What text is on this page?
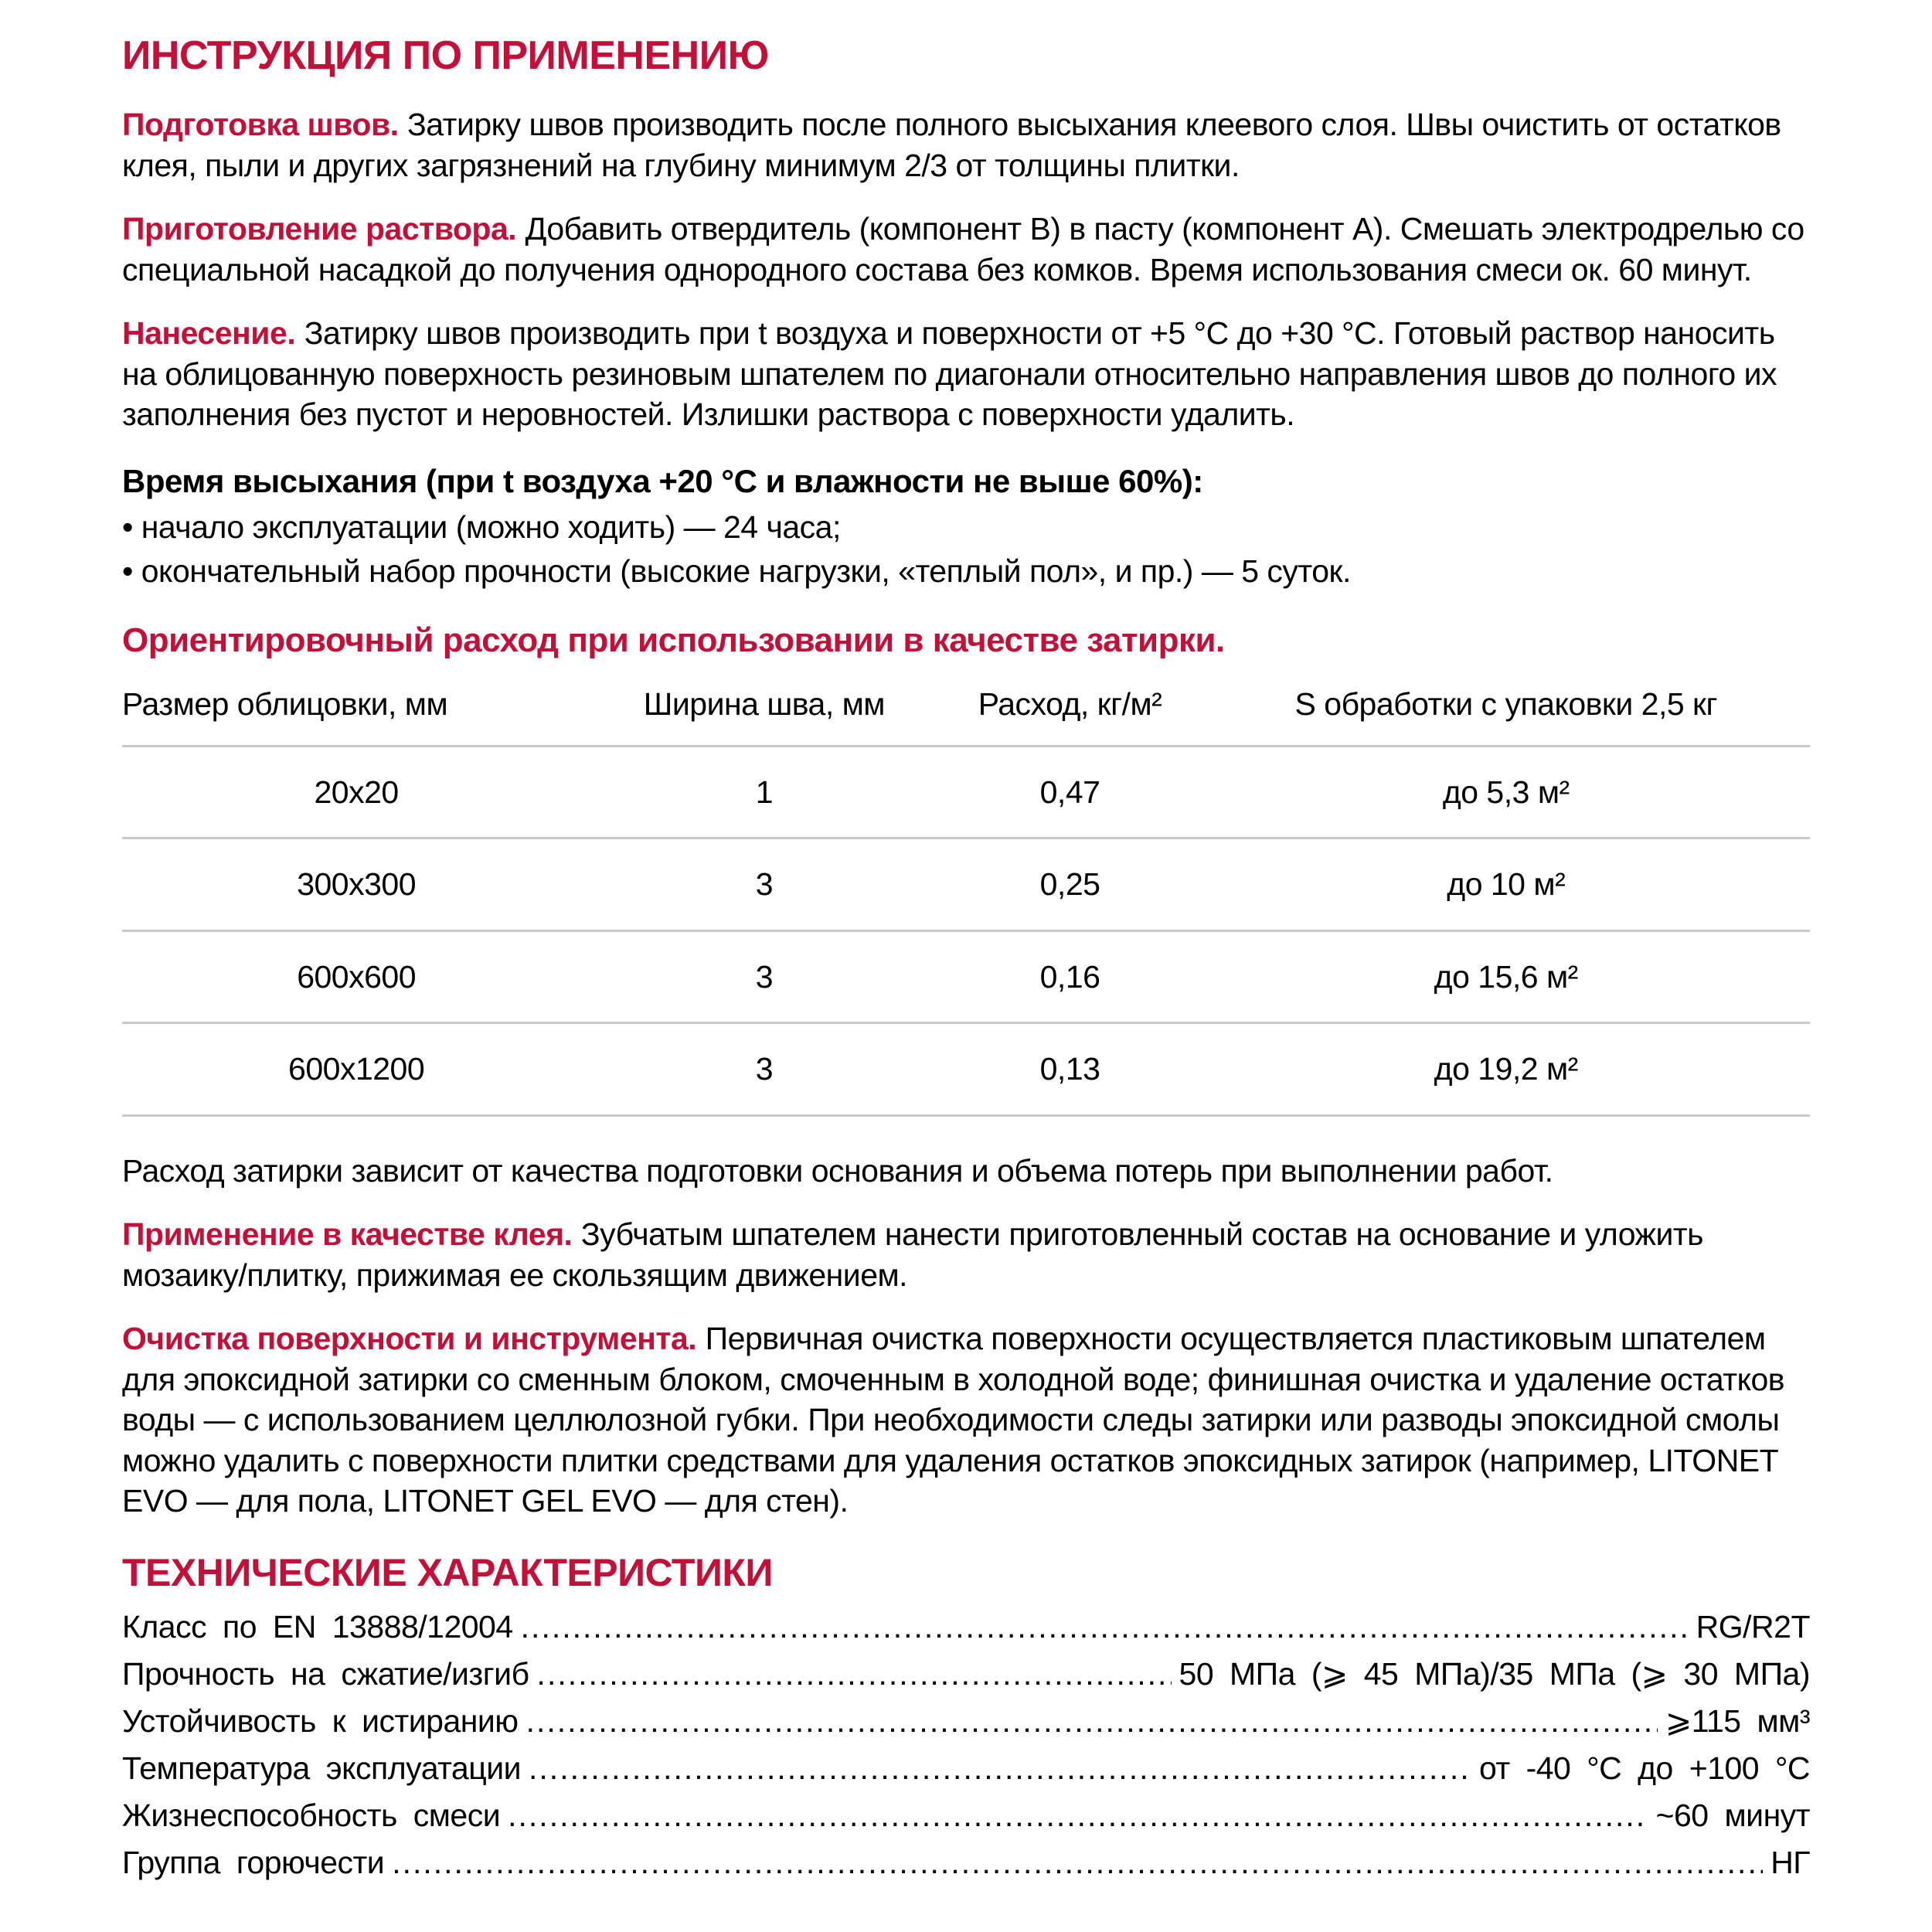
ИНСТРУКЦИЯ ПО ПРИМЕНЕНИЮ

Подготовка швов. Затирку швов производить после полного высыхания клеевого слоя. Швы очистить от остатков клея, пыли и других загрязнений на глубину минимум 2/3 от толщины плитки.

Приготовление раствора. Добавить отвердитель (компонент B) в пасту (компонент A). Смешать электродрелью со специальной насадкой до получения однородного состава без комков. Время использования смеси ок. 60 минут.

Нанесение. Затирку швов производить при t воздуха и поверхности от +5 °C до +30 °C. Готовый раствор наносить на облицованную поверхность резиновым шпателем по диагонали относительно направления швов до полного их заполнения без пустот и неровностей. Излишки раствора с поверхности удалить.

Время высыхания (при t воздуха +20 °C и влажности не выше 60%):
• начало эксплуатации (можно ходить) — 24 часа;
• окончательный набор прочности (высокие нагрузки, «теплый пол», и пр.) — 5 суток.
Ориентировочный расход при использовании в качестве затирки.
Размер облицовки, мм	Ширина шва, мм	Расход, кг/м²	S обработки с упаковки 2,5 кг
20х20	1	0,47	до 5,3 м²
300х300	3	0,25	до 10 м²
600х600	3	0,16	до 15,6 м²
600х1200	3	0,13	до 19,2 м²

Расход затирки зависит от качества подготовки основания и объема потерь при выполнении работ.

Применение в качестве клея. Зубчатым шпателем нанести приготовленный состав на основание и уложить мозаику/плитку, прижимая ее скользящим движением.

Очистка поверхности и инструмента. Первичная очистка поверхности осуществляется пластиковым шпателем для эпоксидной затирки со сменным блоком, смоченным в холодной воде; финишная очистка и удаление остатков воды — с использованием целлюлозной губки. При необходимости следы затирки или разводы эпоксидной смолы можно удалить с поверхности плитки средствами для удаления остатков эпоксидных затирок (например, LITONET EVO — для пола, LITONET GEL EVO — для стен).

ТЕХНИЧЕСКИЕ ХАРАКТЕРИСТИКИ
Класс по EN 13888/12004 .....	RG/R2T
Прочность на сжатие/изгиб .....	50 МПа (⩾ 45 МПа)/35 МПа (⩾ 30 МПа)
Устойчивость к истиранию .....	⩾115 мм³
Температура эксплуатации .....	от -40 °C до +100 °C
Жизнеспособность смеси .....	~60 минут
Группа горючести .....	НГ
